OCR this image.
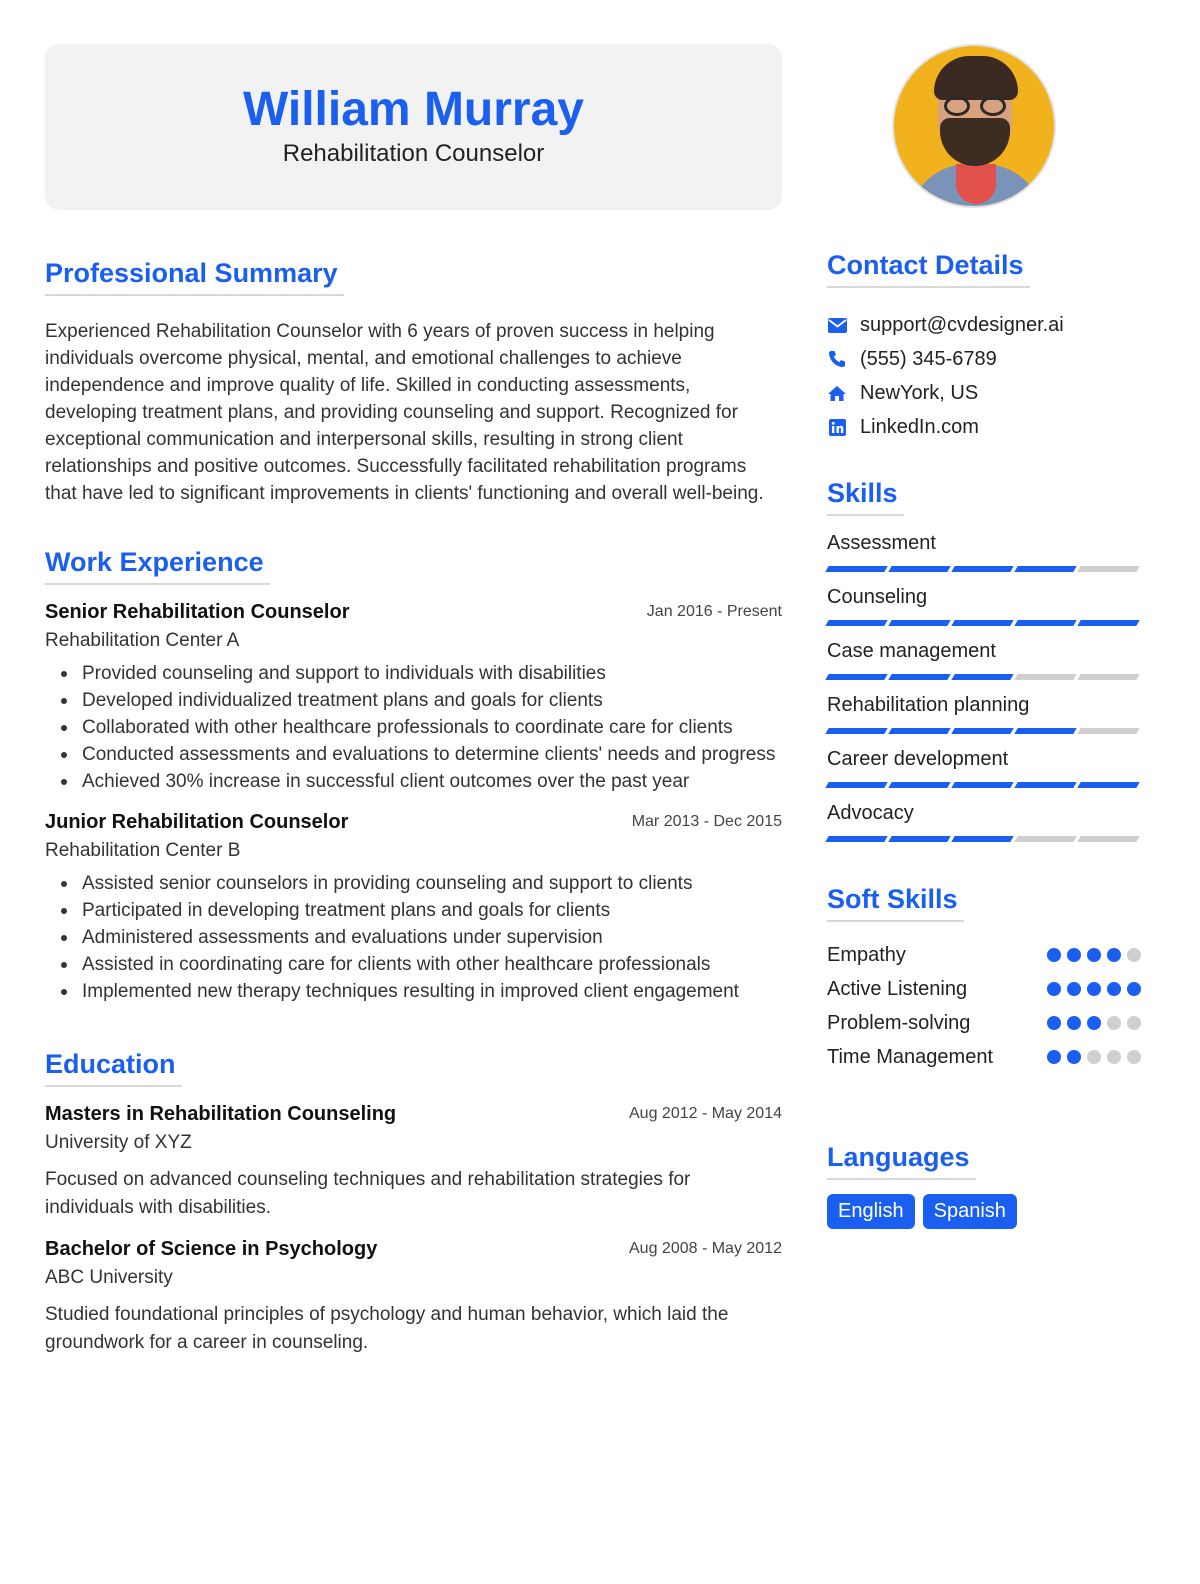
William Murray
Rehabilitation Counselor
Professional Summary

Experienced Rehabilitation Counselor with 6 years of proven success in helping individuals overcome physical, mental, and emotional challenges to achieve independence and improve quality of life. Skilled in conducting assessments, developing treatment plans, and providing counseling and support. Recognized for exceptional communication and interpersonal skills, resulting in strong client relationships and positive outcomes. Successfully facilitated rehabilitation programs that have led to significant improvements in clients' functioning and overall well-being.

Work Experience
Senior Rehabilitation Counselor	Jan 2016 - Present
Rehabilitation Center A
Provided counseling and support to individuals with disabilities
Developed individualized treatment plans and goals for clients
Collaborated with other healthcare professionals to coordinate care for clients
Conducted assessments and evaluations to determine clients' needs and progress
Achieved 30% increase in successful client outcomes over the past year
Junior Rehabilitation Counselor	Mar 2013 - Dec 2015
Rehabilitation Center B
Assisted senior counselors in providing counseling and support to clients
Participated in developing treatment plans and goals for clients
Administered assessments and evaluations under supervision
Assisted in coordinating care for clients with other healthcare professionals
Implemented new therapy techniques resulting in improved client engagement
Education
Masters in Rehabilitation Counseling	Aug 2012 - May 2014
University of XYZ

Focused on advanced counseling techniques and rehabilitation strategies for individuals with disabilities.

Bachelor of Science in Psychology	Aug 2008 - May 2012
ABC University

Studied foundational principles of psychology and human behavior, which laid the groundwork for a career in counseling.

Contact Details
support@cvdesigner.ai
(555) 345-6789
NewYork, US
LinkedIn.com
Skills
Assessment
Counseling
Case management
Rehabilitation planning
Career development
Advocacy
Soft Skills
Empathy
Active Listening
Problem-solving
Time Management
Languages
English	Spanish
